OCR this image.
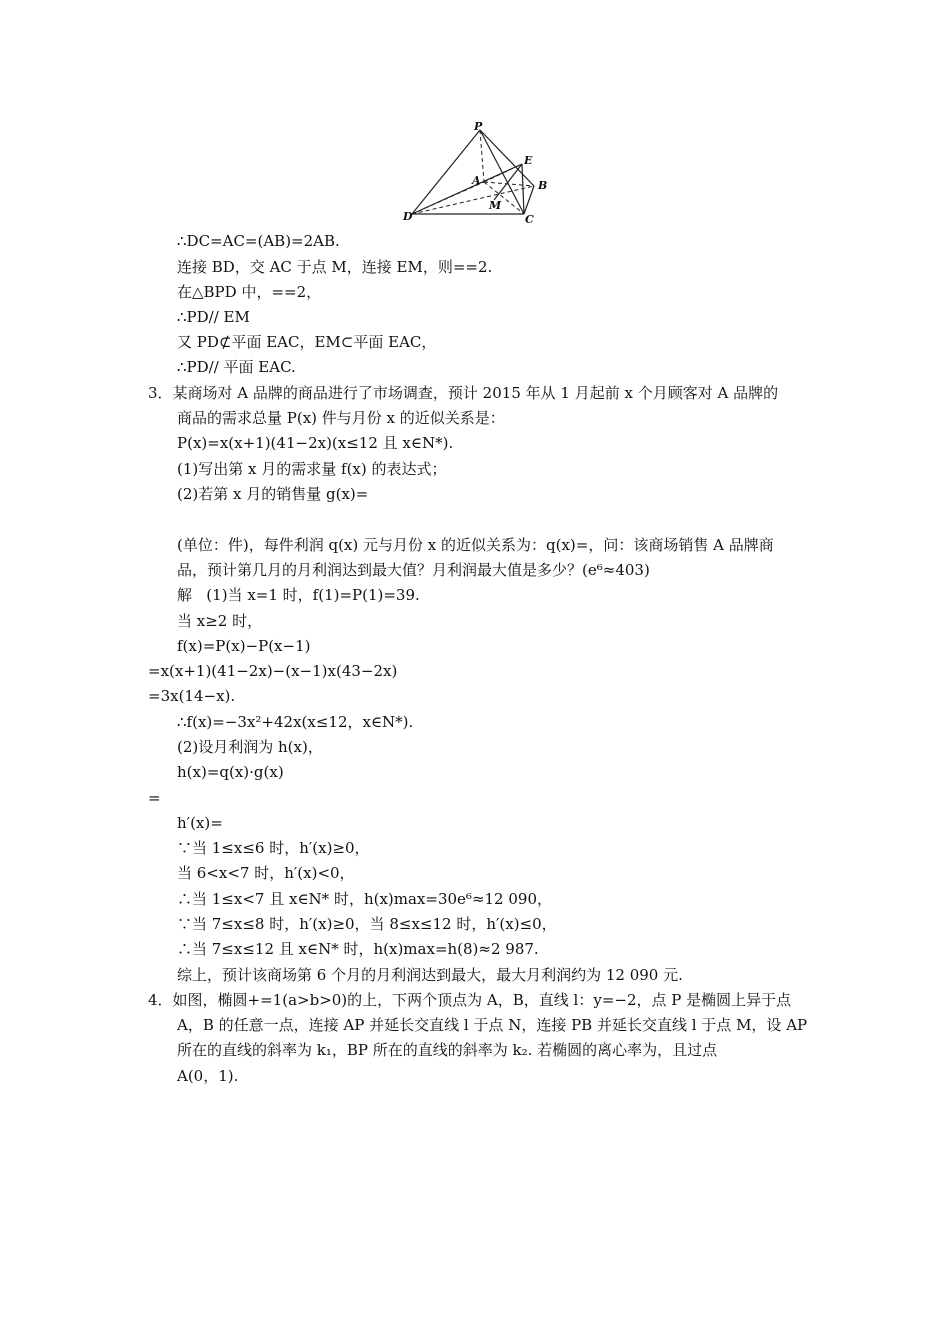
P
E
A	B
M
D	C
∴DC=AC=(AB)=2AB.
连接 BD，交 AC 于点 M，连接 EM，则==2.
在△BPD 中，==2，
∴PD// EM
又 PD⊄平面 EAC，EM⊂平面 EAC，
∴PD// 平面 EAC.
3．某商场对 A 品牌的商品进行了市场调查，预计 2015 年从 1 月起前 x 个月顾客对 A 品牌的
商品的需求总量 P(x) 件与月份 x 的近似关系是：
P(x)=x(x+1)(41−2x)(x≤12 且 x∈N*).
(1)写出第 x 月的需求量 f(x) 的表达式；
(2)若第 x 月的销售量 g(x)=
(单位：件)，每件利润 q(x) 元与月份 x 的近似关系为：q(x)=，问：该商场销售 A 品牌商
品，预计第几月的月利润达到最大值？月利润最大值是多少？(e⁶≈403)
解   (1)当 x=1 时，f(1)=P(1)=39.
当 x≥2 时，
f(x)=P(x)−P(x−1)
=x(x+1)(41−2x)−(x−1)x(43−2x)
=3x(14−x).
∴f(x)=−3x²+42x(x≤12，x∈N*).
(2)设月利润为 h(x)，
h(x)=q(x)·g(x)
=
h′(x)=
∵当 1≤x≤6 时，h′(x)≥0，
当 6<x<7 时，h′(x)<0，
∴当 1≤x<7 且 x∈N* 时，h(x)max=30e⁶≈12 090，
∵当 7≤x≤8 时，h′(x)≥0，当 8≤x≤12 时，h′(x)≤0，
∴当 7≤x≤12 且 x∈N* 时，h(x)max=h(8)≈2 987.
综上，预计该商场第 6 个月的月利润达到最大，最大月利润约为 12 090 元.
4．如图，椭圆+=1(a>b>0)的上，下两个顶点为 A，B，直线 l：y=−2，点 P 是椭圆上异于点
A，B 的任意一点，连接 AP 并延长交直线 l 于点 N，连接 PB 并延长交直线 l 于点 M，设 AP
所在的直线的斜率为 k₁，BP 所在的直线的斜率为 k₂. 若椭圆的离心率为，且过点
A(0，1).
